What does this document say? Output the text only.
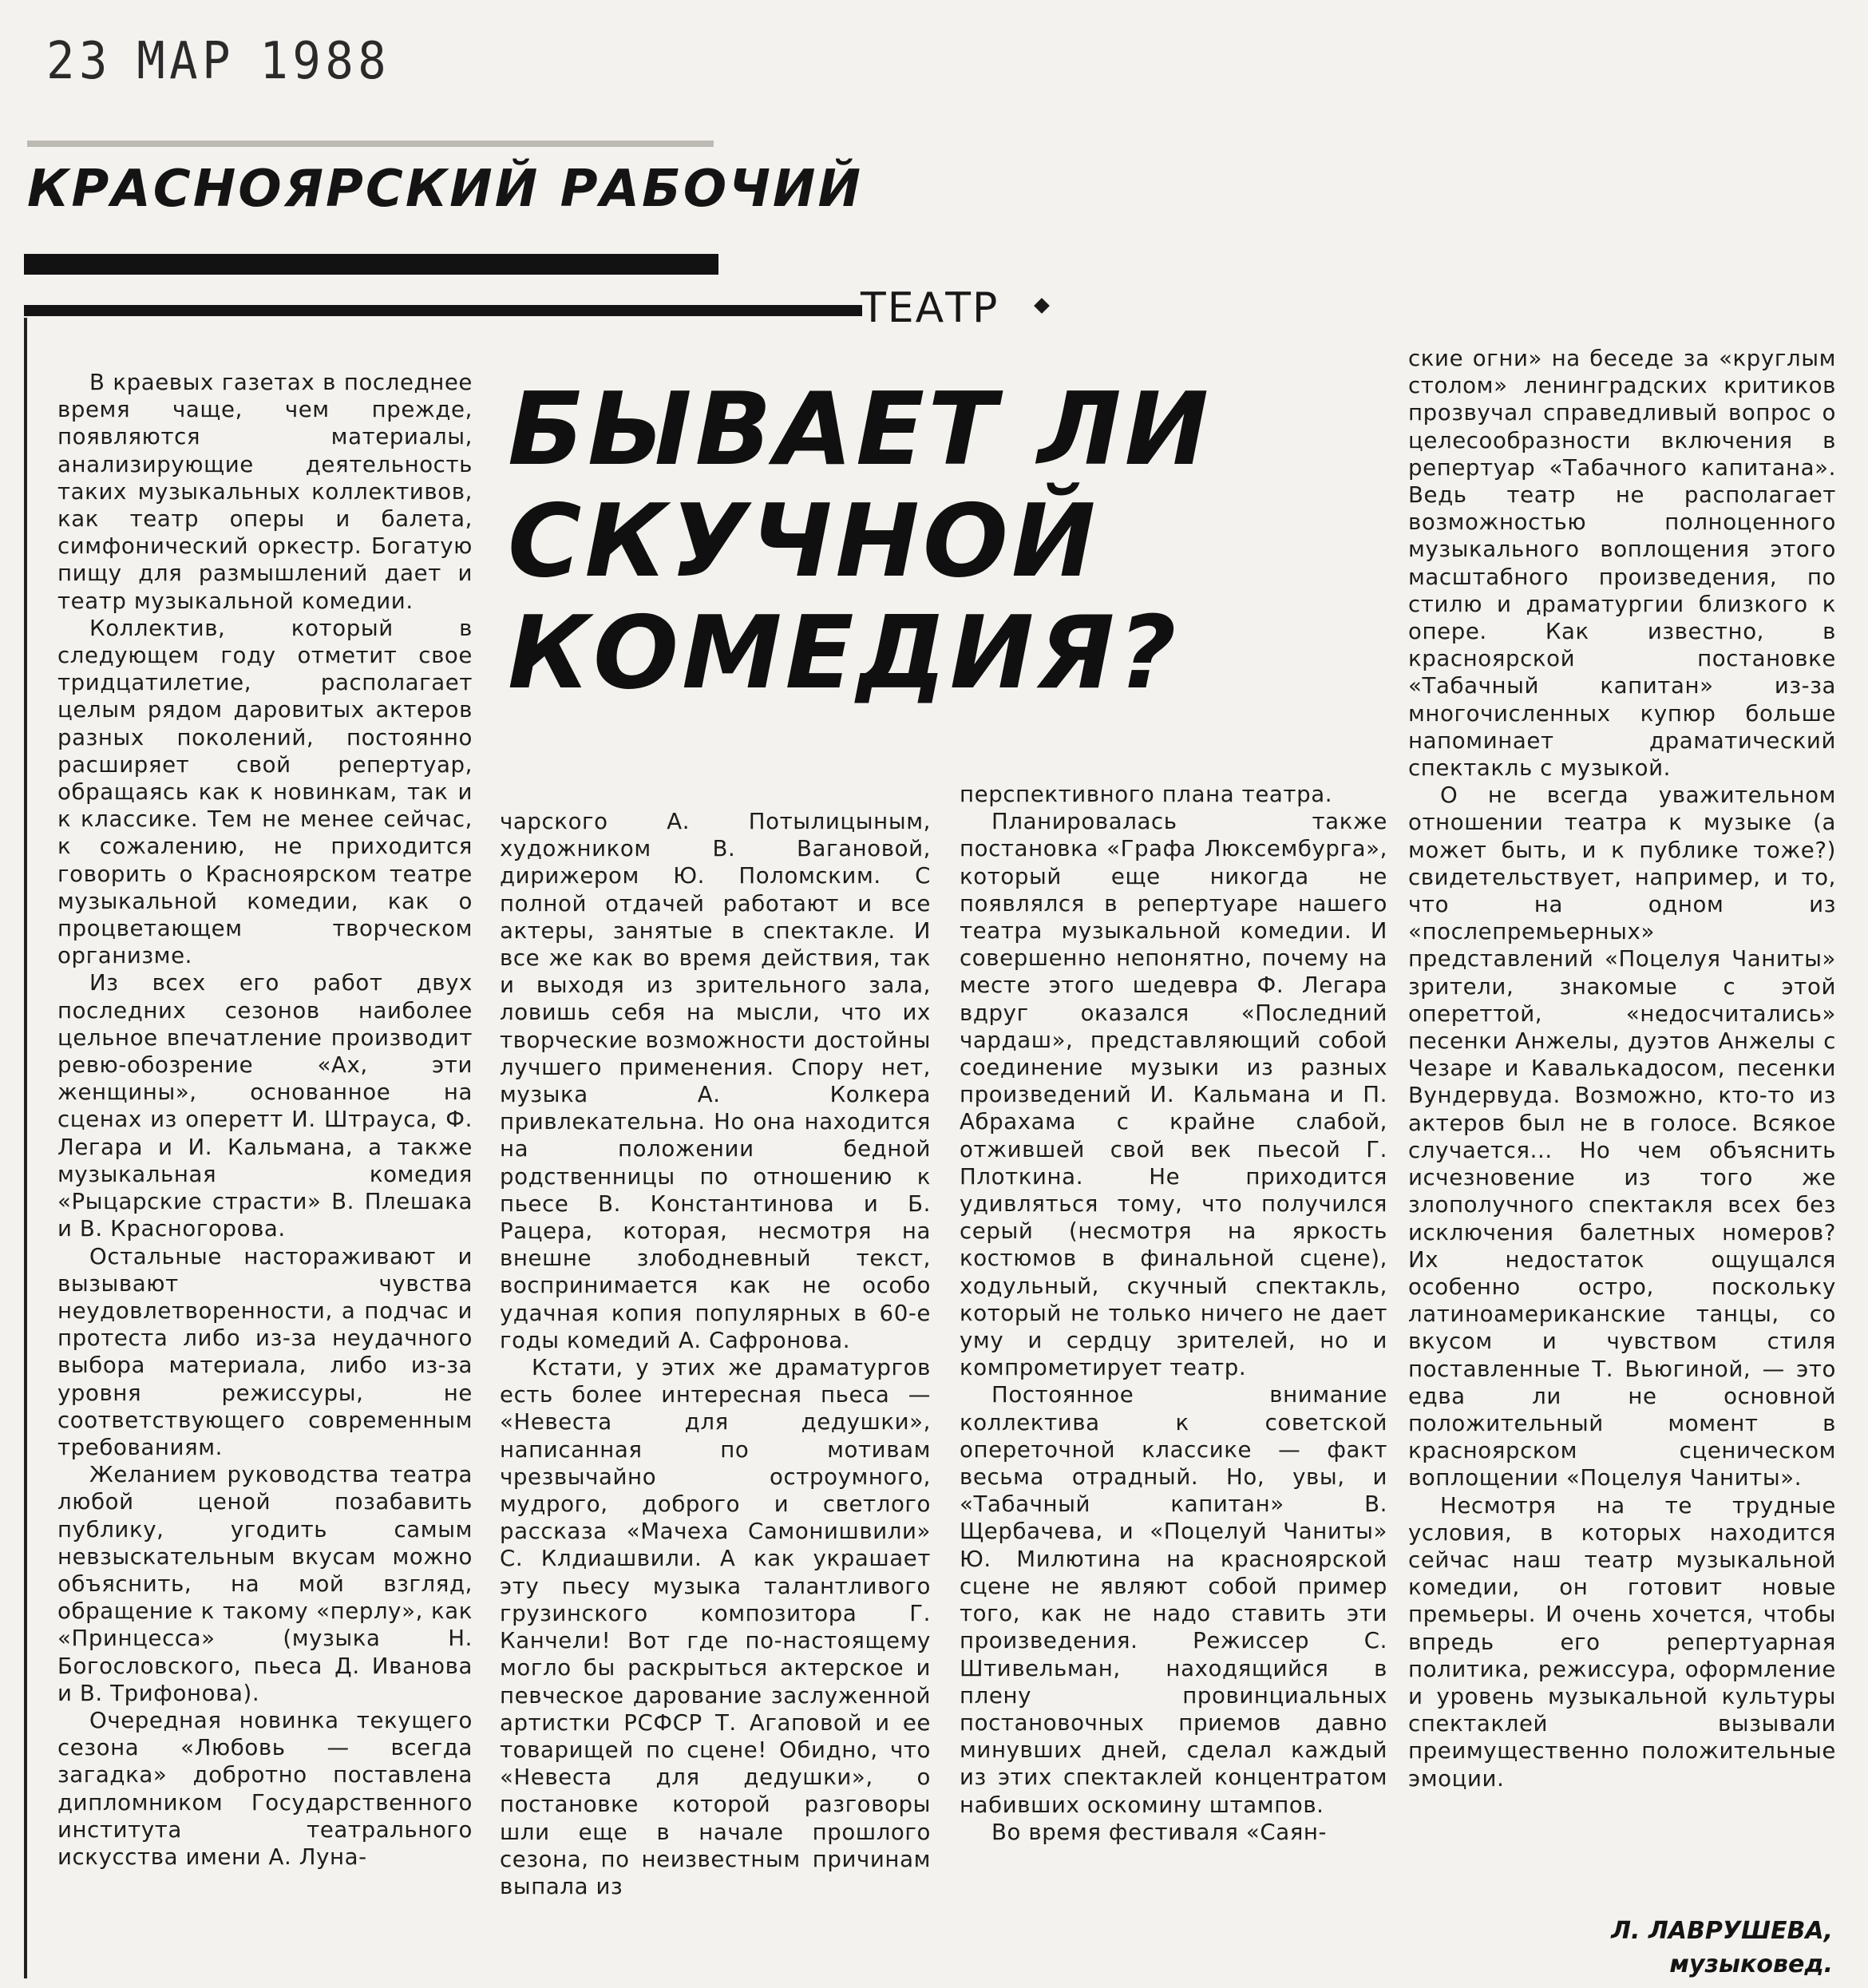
23 МАР 1988
КРАСНОЯРСКИЙ РАБОЧИЙ
ТЕАТР
БЫВАЕТ ЛИ
СКУЧНОЙ
КОМЕДИЯ?

В краевых газетах в последнее время чаще, чем прежде, появляются материалы, анализирующие деятельность таких музыкальных коллективов, как театр оперы и балета, симфонический оркестр. Богатую пищу для размышлений дает и театр музыкальной комедии.

Коллектив, который в следующем году отметит свое тридцатилетие, располагает целым рядом даровитых актеров разных поколений, постоянно расширяет свой репертуар, обращаясь как к новинкам, так и к классике. Тем не менее сейчас, к сожалению, не приходится говорить о Красноярском театре музыкальной комедии, как о процветающем творческом организме.

Из всех его работ двух последних сезонов наиболее цельное впечатление производит ревю-обозрение «Ах, эти женщины», основанное на сценах из оперетт И. Штрауса, Ф. Легара и И. Кальмана, а также музыкальная комедия «Рыцарские страсти» В. Плешака и В. Красногорова.

Остальные настораживают и вызывают чувства неудовлетворенности, а подчас и протеста либо из-за неудачного выбора материала, либо из-за уровня режиссуры, не соответствующего современным требованиям.

Желанием руководства театра любой ценой позабавить публику, угодить самым невзыскательным вкусам можно объяснить, на мой взгляд, обращение к такому «перлу», как «Принцесса» (музыка Н. Богословского, пьеса Д. Иванова и В. Трифонова).

Очередная новинка текущего сезона «Любовь — всегда загадка» добротно поставлена дипломником Государственного института театрального искусства имени А. Луна-

чарского А. Потылицыным, художником В. Вагановой, дирижером Ю. Поломским. С полной отдачей работают и все актеры, занятые в спектакле. И все же как во время действия, так и выходя из зрительного зала, ловишь себя на мысли, что их творческие возможности достойны лучшего применения. Спору нет, музыка А. Колкера привлекательна. Но она находится на положении бедной родственницы по отношению к пьесе В. Константинова и Б. Рацера, которая, несмотря на внешне злободневный текст, воспринимается как не особо удачная копия популярных в 60-е годы комедий А. Сафронова.

Кстати, у этих же драматургов есть более интересная пьеса — «Невеста для дедушки», написанная по мотивам чрезвычайно остроумного, мудрого, доброго и светлого рассказа «Мачеха Самонишвили» С. Клдиашвили. А как украшает эту пьесу музыка талантливого грузинского композитора Г. Канчели! Вот где по-настоящему могло бы раскрыться актерское и певческое дарование заслуженной артистки РСФСР Т. Агаповой и ее товарищей по сцене! Обидно, что «Невеста для дедушки», о постановке которой разговоры шли еще в начале прошлого сезона, по неизвестным причинам выпала из

перспективного плана театра.

Планировалась также постановка «Графа Люксембурга», который еще никогда не появлялся в репертуаре нашего театра музыкальной комедии. И совершенно непонятно, почему на месте этого шедевра Ф. Легара вдруг оказался «Последний чардаш», представляющий собой соединение музыки из разных произведений И. Кальмана и П. Абрахама с крайне слабой, отжившей свой век пьесой Г. Плоткина. Не приходится удивляться тому, что получился серый (несмотря на яркость костюмов в финальной сцене), ходульный, скучный спектакль, который не только ничего не дает уму и сердцу зрителей, но и компрометирует театр.

Постоянное внимание коллектива к советской опереточной классике — факт весьма отрадный. Но, увы, и «Табачный капитан» В. Щербачева, и «Поцелуй Чаниты» Ю. Милютина на красноярской сцене не являют собой пример того, как не надо ставить эти произведения. Режиссер С. Штивельман, находящийся в плену провинциальных постановочных приемов давно минувших дней, сделал каждый из этих спектаклей концентратом набивших оскомину штампов.

Во время фестиваля «Саян-

ские огни» на беседе за «круглым столом» ленинградских критиков прозвучал справедливый вопрос о целесообразности включения в репертуар «Табачного капитана». Ведь театр не располагает возможностью полноценного музыкального воплощения этого масштабного произведения, по стилю и драматургии близкого к опере. Как известно, в красноярской постановке «Табачный капитан» из-за многочисленных купюр больше напоминает драматический спектакль с музыкой.

О не всегда уважительном отношении театра к музыке (а может быть, и к публике тоже?) свидетельствует, например, и то, что на одном из «послепремьерных» представлений «Поцелуя Чаниты» зрители, знакомые с этой опереттой, «недосчитались» песенки Анжелы, дуэтов Анжелы с Чезаре и Кавалькадосом, песенки Вундервуда. Возможно, кто-то из актеров был не в голосе. Всякое случается... Но чем объяснить исчезновение из того же злополучного спектакля всех без исключения балетных номеров? Их недостаток ощущался особенно остро, поскольку латиноамериканские танцы, со вкусом и чувством стиля поставленные Т. Вьюгиной, — это едва ли не основной положительный момент в красноярском сценическом воплощении «Поцелуя Чаниты».

Несмотря на те трудные условия, в которых находится сейчас наш театр музыкальной комедии, он готовит новые премьеры. И очень хочется, чтобы впредь его репертуарная политика, режиссура, оформление и уровень музыкальной культуры спектаклей вызывали преимущественно положительные эмоции.

Л. ЛАВРУШЕВА,
музыковед.
